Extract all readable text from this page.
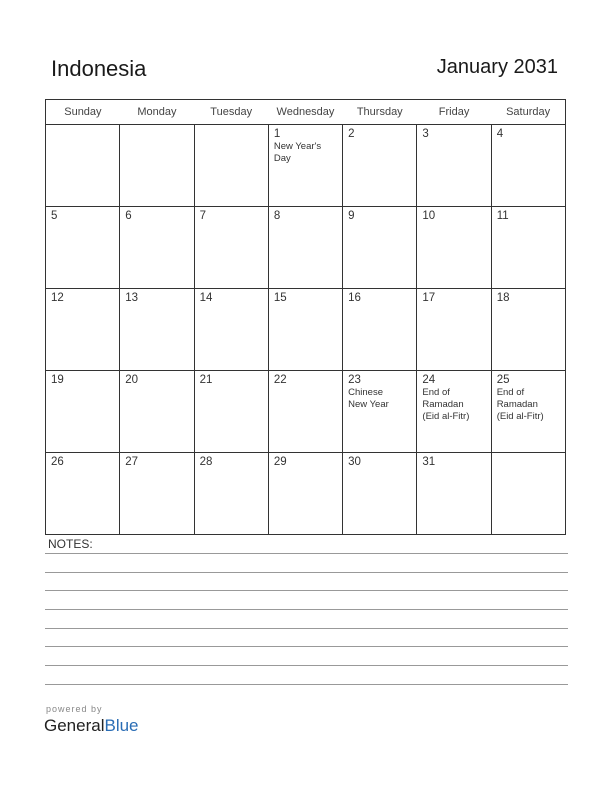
Indonesia	January 2031
Sunday	Monday	Tuesday	Wednesday	Thursday	Friday	Saturday

			1
New Year's
Day	2	3	4

5	6	7	8	9	10	11

12	13	14	15	16	17	18

19	20	21	22	23
Chinese
New Year	24
End of
Ramadan
(Eid al-Fitr)	25
End of
Ramadan
(Eid al-Fitr)

26	27	28	29	30	31	

NOTES:
powered by
GeneralBlue
